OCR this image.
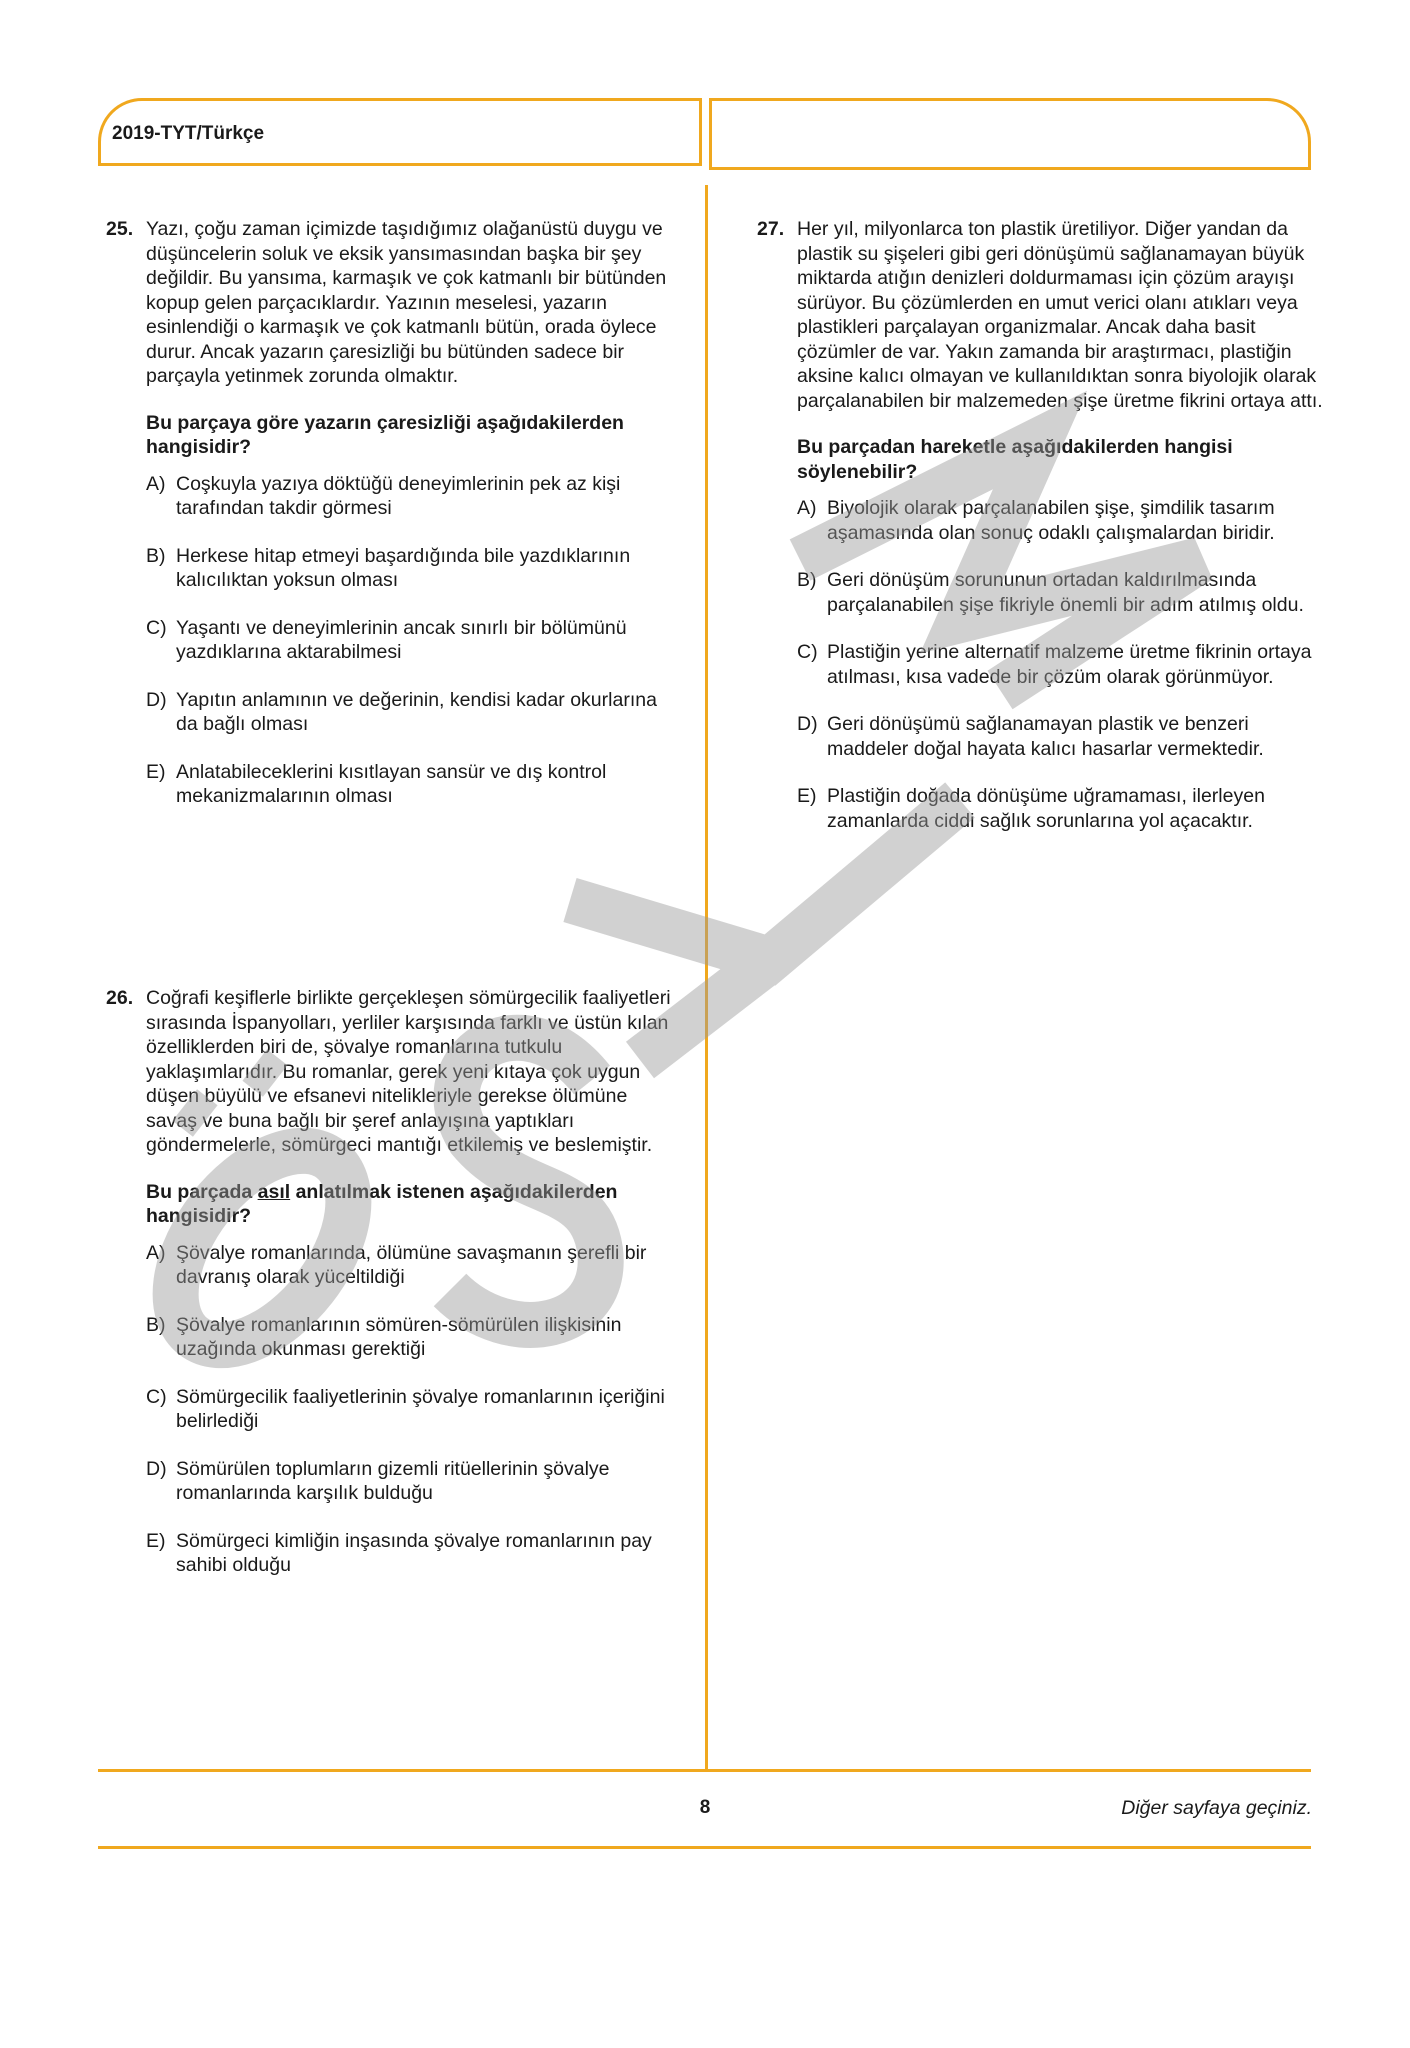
2019-TYT/Türkçe
25. Yazı, çoğu zaman içimizde taşıdığımız olağanüstü duygu ve düşüncelerin soluk ve eksik yansımasından başka bir şey değildir. Bu yansıma, karmaşık ve çok katmanlı bir bütünden kopup gelen parçacıklardır. Yazının meselesi, yazarın esinlendiği o karmaşık ve çok katmanlı bütün, orada öylece durur. Ancak yazarın çaresizliği bu bütünden sadece bir parçayla yetinmek zorunda olmaktır.

Bu parçaya göre yazarın çaresizliği aşağıdakilerden hangisidir?

A) Coşkuyla yazıya döktüğü deneyimlerinin pek az kişi tarafından takdir görmesi
B) Herkese hitap etmeyi başardığında bile yazdıklarının kalıcılıktan yoksun olması
C) Yaşantı ve deneyimlerinin ancak sınırlı bir bölümünü yazdıklarına aktarabilmesi
D) Yapıtın anlamının ve değerinin, kendisi kadar okurlarına da bağlı olması
E) Anlatabileceklerini kısıtlayan sansür ve dış kontrol mekanizmalarının olması
26. Coğrafi keşiflerle birlikte gerçekleşen sömürgecilik faaliyetleri sırasında İspanyolları, yerliler karşısında farklı ve üstün kılan özelliklerden biri de, şövalye romanlarına tutkulu yaklaşımlarıdır. Bu romanlar, gerek yeni kıtaya çok uygun düşen büyülü ve efsanevi nitelikleriyle gerekse ölümüne savaş ve buna bağlı bir şeref anlayışına yaptıkları göndermelerle, sömürgeci mantığı etkilemiş ve beslemiştir.

Bu parçada asıl anlatılmak istenen aşağıdakilerden hangisidir?

A) Şövalye romanlarında, ölümüne savaşmanın şerefli bir davranış olarak yüceltildiği
B) Şövalye romanlarının sömüren-sömürülen ilişkisinin uzağında okunması gerektiği
C) Sömürgecilik faaliyetlerinin şövalye romanlarının içeriğini belirlediği
D) Sömürülen toplumların gizemli ritüellerinin şövalye romanlarında karşılık bulduğu
E) Sömürgeci kimliğin inşasında şövalye romanlarının pay sahibi olduğu
27. Her yıl, milyonlarca ton plastik üretiliyor. Diğer yandan da plastik su şişeleri gibi geri dönüşümü sağlanamayan büyük miktarda atığın denizleri doldurmaması için çözüm arayışı sürüyor. Bu çözümlerden en umut verici olanı atıkları veya plastikleri parçalayan organizmalar. Ancak daha basit çözümler de var. Yakın zamanda bir araştırmacı, plastiğin aksine kalıcı olmayan ve kullanıldıktan sonra biyolojik olarak parçalanabilen bir malzemeden şişe üretme fikrini ortaya attı.

Bu parçadan hareketle aşağıdakilerden hangisi söylenebilir?

A) Biyolojik olarak parçalanabilen şişe, şimdilik tasarım aşamasında olan sonuç odaklı çalışmalardan biridir.
B) Geri dönüşüm sorununun ortadan kaldırılmasında parçalanabilen şişe fikriyle önemli bir adım atılmış oldu.
C) Plastiğin yerine alternatif malzeme üretme fikrinin ortaya atılması, kısa vadede bir çözüm olarak görünmüyor.
D) Geri dönüşümü sağlanamayan plastik ve benzeri maddeler doğal hayata kalıcı hasarlar vermektedir.
E) Plastiğin doğada dönüşüme uğramaması, ilerleyen zamanlarda ciddi sağlık sorunlarına yol açacaktır.
8	Diğer sayfaya geçiniz.
